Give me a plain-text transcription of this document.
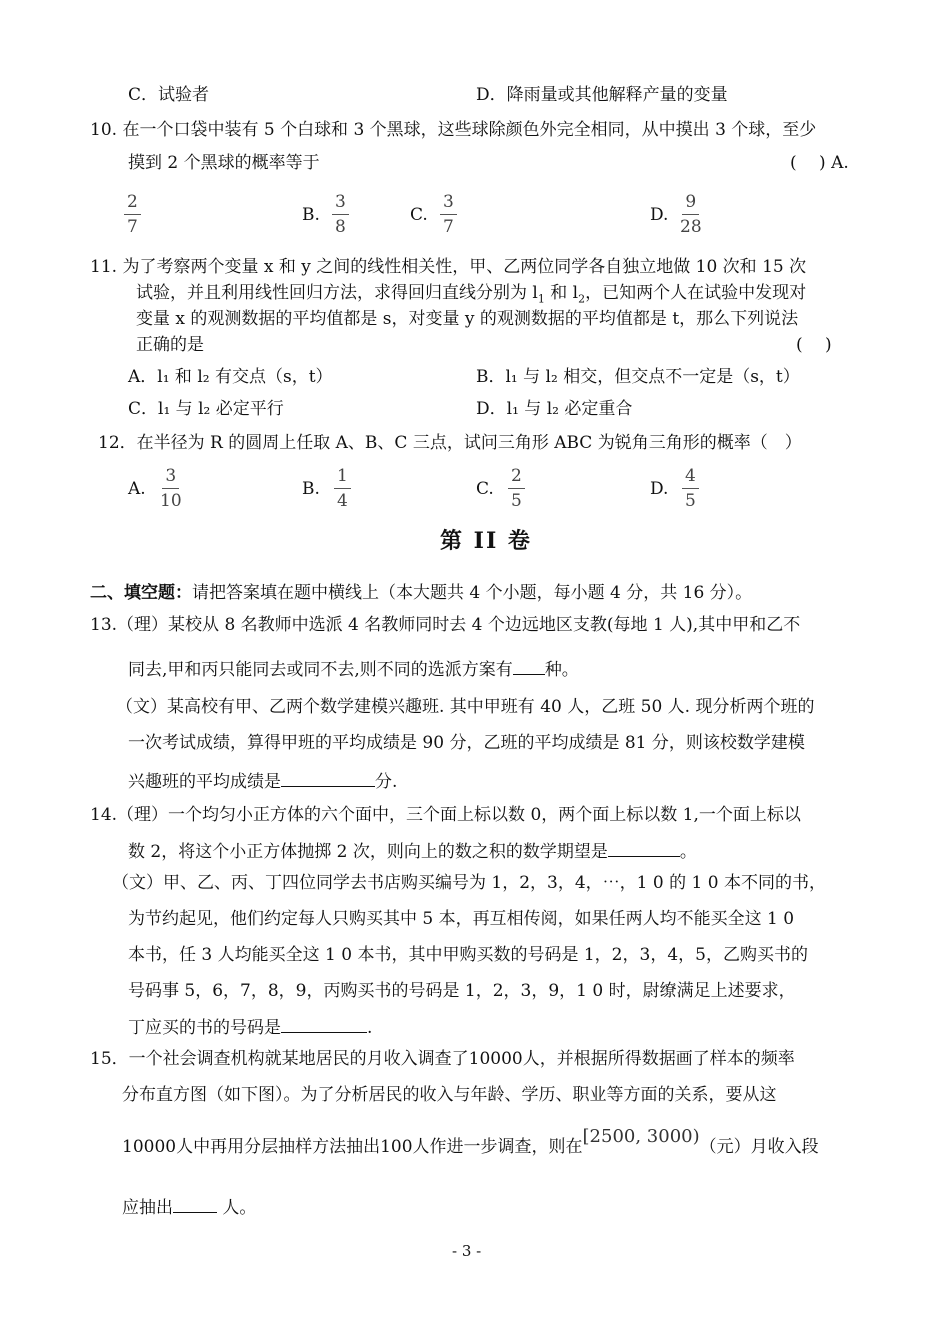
C．试验者	D．降雨量或其他解释产量的变量
10. 在一个口袋中装有 5 个白球和 3 个黑球，这些球除颜色外完全相同，从中摸出 3 个球，至少
摸到 2 个黑球的概率等于	(　 ) A.
$\frac{2}{7}$	B. $\frac{3}{8}$	C. $\frac{3}{7}$	D. $\frac{9}{28}$
11. 为了考察两个变量 x 和 y 之间的线性相关性，甲、乙两位同学各自独立地做 10 次和 15 次
试验，并且利用线性回归方法，求得回归直线分别为 $l_1$ 和 $l_2$，已知两个人在试验中发现对
变量 x 的观测数据的平均值都是 s，对变量 y 的观测数据的平均值都是 t，那么下列说法
正确的是	(　 )
A．l₁ 和 l₂ 有交点（s，t）	B．l₁ 与 l₂ 相交，但交点不一定是（s，t）
C．l₁ 与 l₂ 必定平行	D．l₁ 与 l₂ 必定重合
12．在半径为 R 的圆周上任取 A、B、C 三点，试问三角形 ABC 为锐角三角形的概率（　）
A. $\frac{3}{10}$	B. $\frac{1}{4}$	C. $\frac{2}{5}$	D. $\frac{4}{5}$
第 II 卷
二、填空题：请把答案填在题中横线上（本大题共 4 个小题，每小题 4 分，共 16 分）。
13.（理）某校从 8 名教师中选派 4 名教师同时去 4 个边远地区支教(每地 1 人),其中甲和乙不
同去,甲和丙只能同去或同不去,则不同的选派方案有 种。
（文）某高校有甲、乙两个数学建模兴趣班. 其中甲班有 40 人，乙班 50 人. 现分析两个班的
一次考试成绩，算得甲班的平均成绩是 90 分，乙班的平均成绩是 81 分，则该校数学建模
兴趣班的平均成绩是	分.
14.（理）一个均匀小正方体的六个面中，三个面上标以数 0，两个面上标以数 1,一个面上标以
数 2，将这个小正方体抛掷 2 次，则向上的数之积的数学期望是	。
（文）甲、乙、丙、丁四位同学去书店购买编号为 1，2，3，4，⋯，1 0 的 1 0 本不同的书，
为节约起见，他们约定每人只购买其中 5 本，再互相传阅，如果任两人均不能买全这 1 0
本书，任 3 人均能买全这 1 0 本书，其中甲购买数的号码是 1，2，3，4，5，乙购买书的
号码事 5，6，7，8，9，丙购买书的号码是 1，2，3，9，1 0 时，尉缭满足上述要求，
丁应买的书的号码是	.
15．一个社会调查机构就某地居民的月收入调查了10000人，并根据所得数据画了样本的频率
分布直方图（如下图）。为了分析居民的收入与年龄、学历、职业等方面的关系，要从这
10000人中再用分层抽样方法抽出100人作进一步调查，则在[2500, 3000)（元）月收入段
应抽出	人。
- 3 -
